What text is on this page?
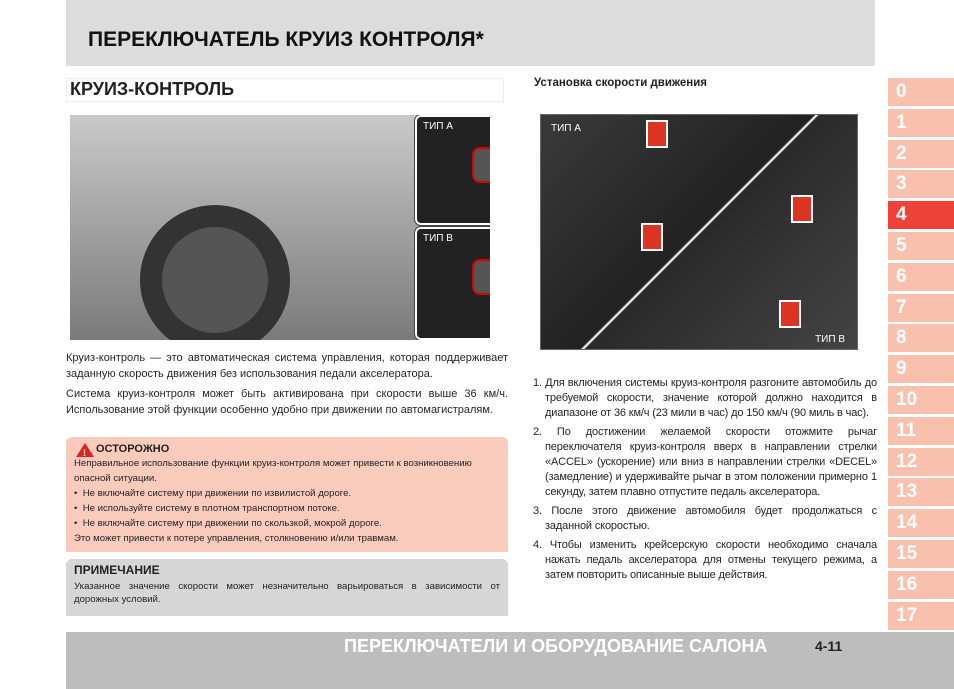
ПЕРЕКЛЮЧАТЕЛЬ КРУИЗ КОНТРОЛЯ*
КРУИЗ-КОНТРОЛЬ
ТИП А
ТИП В

Круиз-контроль — это автоматическая система управления, которая поддерживает заданную скорость движения без использования педали акселератора.

Система круиз-контроля может быть активирована при скорости выше 36 км/ч. Использование этой функции особенно удобно при движении по автомагистралям.

! ОСТОРОЖНО
Неправильное использование функции круиз-контроля может привести к возникновению опасной ситуации.
•  Не включайте систему при движении по извилистой дороге.
•  Не используйте систему в плотном транспортном потоке.
•  Не включайте систему при движении по скользкой, мокрой дороге.
Это может привести к потере управления, столкновению и/или травмам.
ПРИМЕЧАНИЕ
Указанное значение скорости может незначительно варьироваться в зависимости от дорожных условий.
Установка скорости движения
ТИП А
ТИП В
1. Для включения системы круиз-контроля разгоните автомобиль до требуемой скорости, значение которой должно находится в диапазоне от 36 км/ч (23 мили в час) до 150 км/ч (90 миль в час).
2. По достижении желаемой скорости отожмите рычаг переключателя круиз-контроля вверх в направлении стрелки «ACCEL» (ускорение) или вниз в направлении стрелки «DECEL» (замедление) и удерживайте рычаг в этом положении примерно 1 секунду, затем плавно отпустите педаль акселератора.
3. После этого движение автомобиля будет продолжаться с заданной скоростью.
4. Чтобы изменить крейсерскую скорости необходимо сначала нажать педаль акселератора для отмены текущего режима, а затем повторить описанные выше действия.
0
1
2
3
4
5
6
7
8
9
10
11
12
13
14
15
16
17
ПЕРЕКЛЮЧАТЕЛИ И ОБОРУДОВАНИЕ САЛОНА	4-11
